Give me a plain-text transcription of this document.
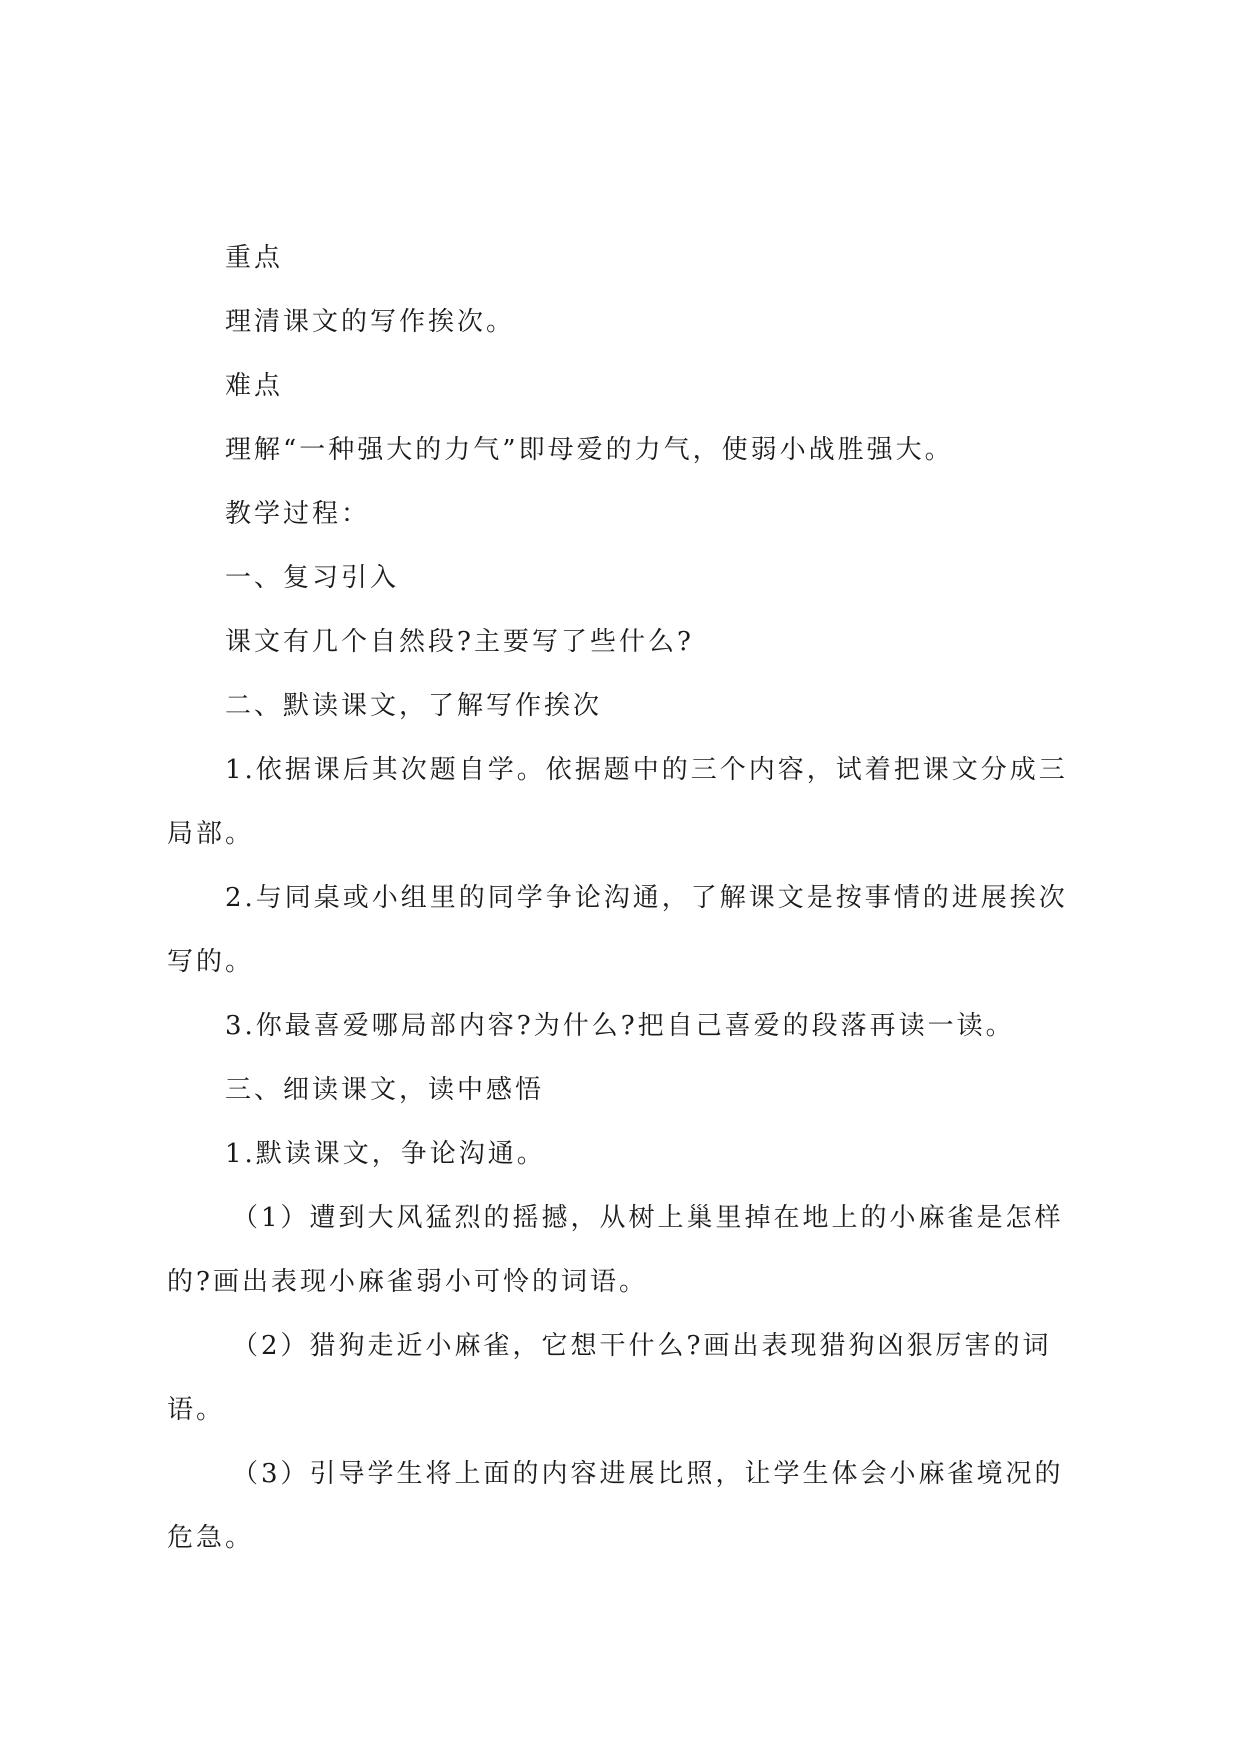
重点

理清课文的写作挨次。

难点

理解“一种强大的力气”即母爱的力气，使弱小战胜强大。

教学过程：

一、复习引入

课文有几个自然段?主要写了些什么?

二、默读课文，了解写作挨次

1.依据课后其次题自学。依据题中的三个内容，试着把课文分成三局部。

2.与同桌或小组里的同学争论沟通，了解课文是按事情的进展挨次写的。

3.你最喜爱哪局部内容?为什么?把自己喜爱的段落再读一读。

三、细读课文，读中感悟

1.默读课文，争论沟通。

（1）遭到大风猛烈的摇撼，从树上巢里掉在地上的小麻雀是怎样的?画出表现小麻雀弱小可怜的词语。

（2）猎狗走近小麻雀，它想干什么?画出表现猎狗凶狠厉害的词语。

（3）引导学生将上面的内容进展比照，让学生体会小麻雀境况的危急。
